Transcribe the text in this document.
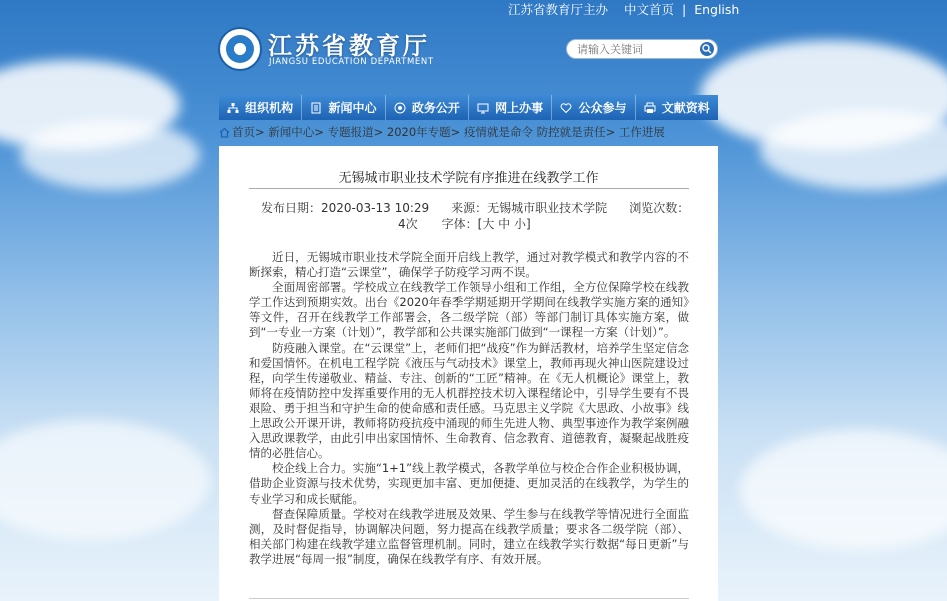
江苏省教育厅主办 中文首页 | English
江苏省教育厅
JIANGSU EDUCATION DEPARTMENT
请输入关键词
组织机构	新闻中心	政务公开	网上办事	公众参与	文献资料
首页> 新闻中心> 专题报道> 2020年专题> 疫情就是命令 防控就是责任> 工作进展
无锡城市职业技术学院有序推进在线教学工作
发布日期：2020-03-13 10:29 来源：无锡城市职业技术学院 浏览次数：
4次 字体：[大 中 小]

近日，无锡城市职业技术学院全面开启线上教学，通过对教学模式和教学内容的不断探索，精心打造“云课堂”，确保学子防疫学习两不误。

全面周密部署。学校成立在线教学工作领导小组和工作组，全方位保障学校在线教学工作达到预期实效。出台《2020年春季学期延期开学期间在线教学实施方案的通知》等文件，召开在线教学工作部署会，各二级学院（部）等部门制订具体实施方案，做到“一专业一方案（计划）”，教学部和公共课实施部门做到“一课程一方案（计划）”。

防疫融入课堂。在“云课堂”上，老师们把“战疫”作为鲜活教材，培养学生坚定信念和爱国情怀。在机电工程学院《液压与气动技术》课堂上，教师再现火神山医院建设过程，向学生传递敬业、精益、专注、创新的“工匠”精神。在《无人机概论》课堂上，教师将在疫情防控中发挥重要作用的无人机群控技术切入课程绪论中，引导学生要有不畏艰险、勇于担当和守护生命的使命感和责任感。马克思主义学院《大思政、小故事》线上思政公开课开讲，教师将防疫抗疫中涌现的师生先进人物、典型事迹作为教学案例融入思政课教学，由此引申出家国情怀、生命教育、信念教育、道德教育，凝聚起战胜疫情的必胜信心。

校企线上合力。实施“1+1”线上教学模式，各教学单位与校企合作企业积极协调，借助企业资源与技术优势，实现更加丰富、更加便捷、更加灵活的在线教学，为学生的专业学习和成长赋能。

督查保障质量。学校对在线教学进展及效果、学生参与在线教学等情况进行全面监测，及时督促指导，协调解决问题，努力提高在线教学质量；要求各二级学院（部）、相关部门构建在线教学建立监督管理机制。同时，建立在线教学实行数据“每日更新”与教学进展“每周一报”制度，确保在线教学有序、有效开展。
